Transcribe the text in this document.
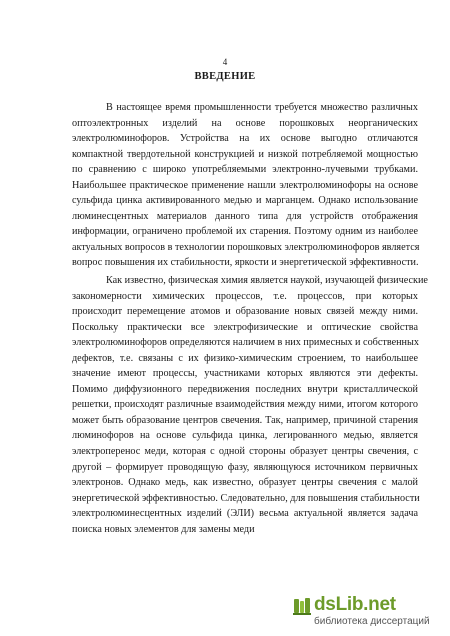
4
ВВЕДЕНИЕ
В настоящее время промышленности требуется множество различных
оптоэлектронных изделий на основе порошковых неорганических
электролюминофоров. Устройства на их основе выгодно отличаются
компактной твердотельной конструкцией и низкой потребляемой мощностью
по сравнению с широко употребляемыми электронно-лучевыми трубками.
Наибольшее практическое применение нашли электролюминофоры на основе
сульфида цинка активированного медью и марганцем. Однако использование
люминесцентных материалов данного типа для устройств отображения
информации, ограничено проблемой их старения. Поэтому одним из наиболее
актуальных вопросов в технологии порошковых электролюминофоров является
вопрос повышения их стабильности, яркости и энергетической эффективности.
Как известно, физическая химия является наукой, изучающей физические
закономерности химических процессов, т.е. процессов, при которых
происходит перемещение атомов и образование новых связей между ними.
Поскольку практически все электрофизические и оптические свойства
электролюминофоров определяются наличием в них примесных и собственных
дефектов, т.е. связаны с их физико-химическим строением, то наибольшее
значение имеют процессы, участниками которых являются эти дефекты.
Помимо диффузионного передвижения последних внутри кристаллической
решетки, происходят различные взаимодействия между ними, итогом которого
может быть образование центров свечения. Так, например, причиной старения
люминофоров на основе сульфида цинка, легированного медью, является
электроперенос меди, которая с одной стороны образует центры свечения, с
другой – формирует проводящую фазу, являющуюся источником первичных
электронов. Однако медь, как известно, образует центры свечения с малой
энергетической эффективностью. Следовательно, для повышения стабильности
электролюминесцентных изделий (ЭЛИ) весьма актуальной является задача
поиска новых элементов для замены меди
dsLib.net
библиотека диссертаций
